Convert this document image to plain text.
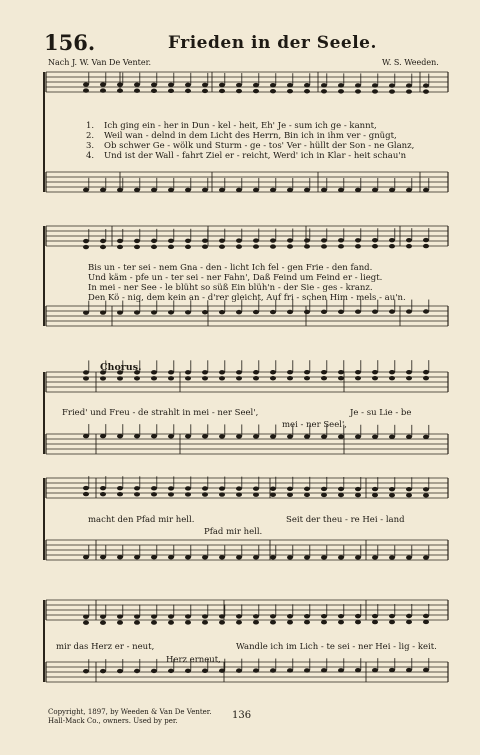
156.	Frieden in der Seele.
Nach J. W. Van De Venter.	W. S. Weeden.
1. Ich ging ein - her in Dun - kel - heit, Eh' Je - sum ich ge - kannt,
2. Weil wan - delnd in dem Licht des Herrn, Bin ich in ihm ver - gnügt,
3. Ob schwer Ge - wölk und Sturm - ge - tos' Ver - hüllt der Son - ne Glanz,
4. Und ist der Wall - fahrt Ziel er - reicht, Werd' ich in Klar - heit schau'n
Bis un - ter sei - nem Gna - den - licht Ich fel - gen Frie - den fand.
Und käm - pfe un - ter sei - ner Fahn', Daß Feind um Feind er - liegt.
In mei - ner See - le blüht so süß Ein blüh'n - der Sie - ges - kranz.
Den Kö - nig, dem kein an - d'rer gleicht, Auf fri - schen Him - mels - au'n.
Chorus.
Fried' und Freu - de strahlt in mei - ner Seel',	Je - su Lie - be
mei - ner Seel',
macht den Pfad mir hell.	Seit der theu - re Hei - land
Pfad mir hell.
mir das Herz er - neut,	Wandle ich im Lich - te sei - ner Hei - lig - keit.
Herz erneut,
Copyright, 1897, by Weeden & Van De Venter.
Hall-Mack Co., owners. Used by per.	136
